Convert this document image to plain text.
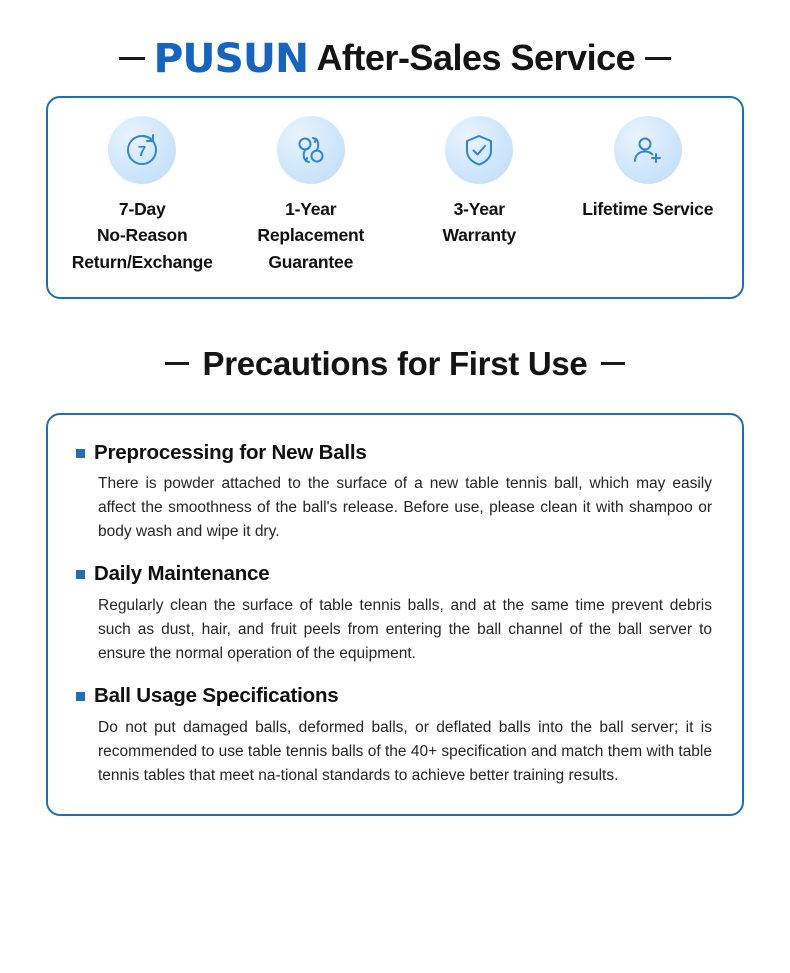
PUSUN After-Sales Service
7
7-Day
No-Reason
Return/Exchange
1-Year
Replacement
Guarantee
3-Year
Warranty
Lifetime Service
Precautions for First Use
Preprocessing for New Balls

There is powder attached to the surface of a new table tennis ball, which may easily affect the smoothness of the ball's release. Before use, please clean it with shampoo or body wash and wipe it dry.

Daily Maintenance

Regularly clean the surface of table tennis balls, and at the same time prevent debris such as dust, hair, and fruit peels from entering the ball channel of the ball server to ensure the normal operation of the equipment.

Ball Usage Specifications

Do not put damaged balls, deformed balls, or deflated balls into the ball server; it is recommended to use table tennis balls of the 40+ specification and match them with table tennis tables that meet na-tional standards to achieve better training results.
